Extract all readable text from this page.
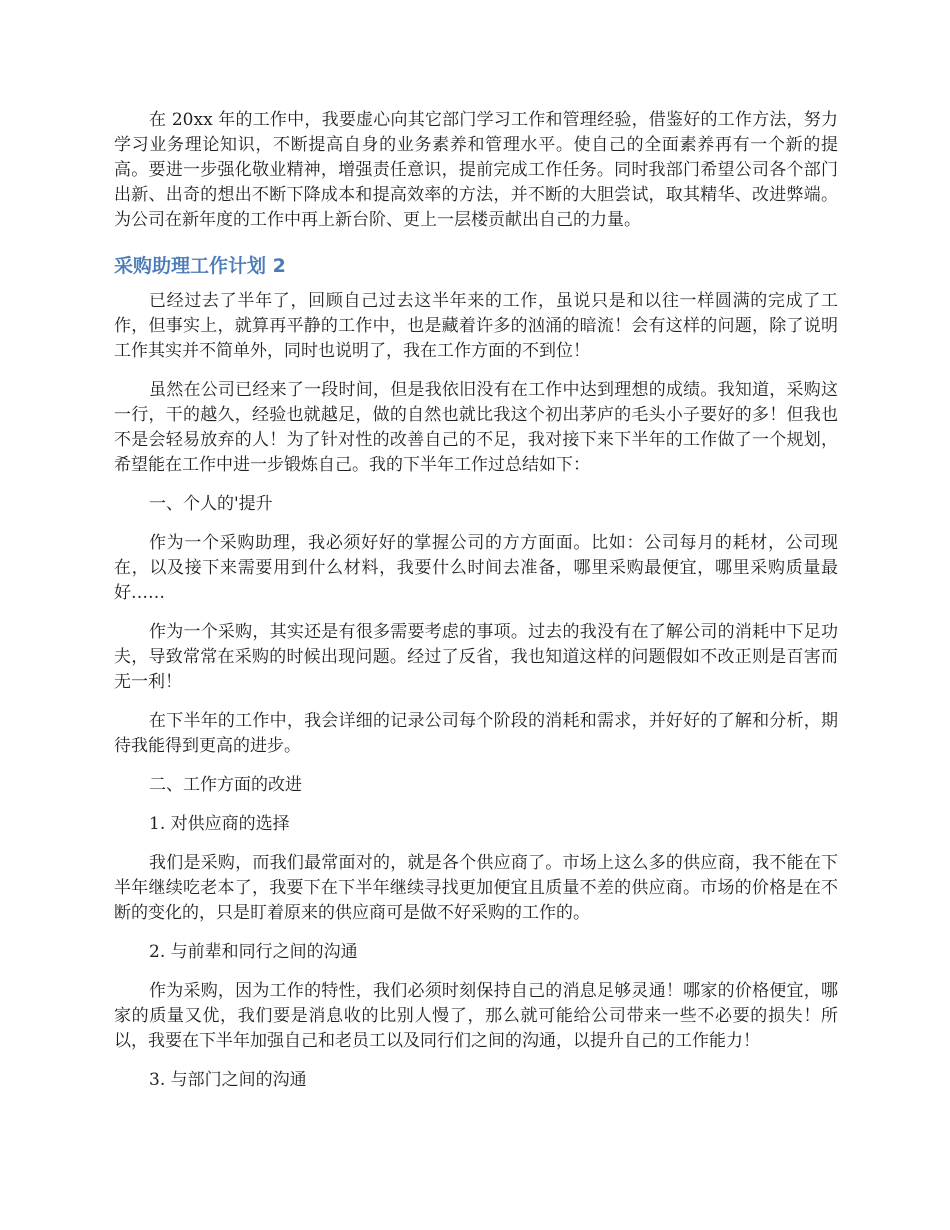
在 20xx 年的工作中，我要虚心向其它部门学习工作和管理经验，借鉴好的工作方法，努力学习业务理论知识，不断提高自身的业务素养和管理水平。使自己的全面素养再有一个新的提高。要进一步强化敬业精神，增强责任意识，提前完成工作任务。同时我部门希望公司各个部门出新、出奇的想出不断下降成本和提高效率的方法，并不断的大胆尝试，取其精华、改进弊端。为公司在新年度的工作中再上新台阶、更上一层楼贡献出自己的力量。

采购助理工作计划 2

已经过去了半年了，回顾自己过去这半年来的工作，虽说只是和以往一样圆满的完成了工作，但事实上，就算再平静的工作中，也是藏着许多的汹涌的暗流！会有这样的问题，除了说明工作其实并不简单外，同时也说明了，我在工作方面的不到位！

虽然在公司已经来了一段时间，但是我依旧没有在工作中达到理想的成绩。我知道，采购这一行，干的越久，经验也就越足，做的自然也就比我这个初出茅庐的毛头小子要好的多！但我也不是会轻易放弃的人！为了针对性的改善自己的不足，我对接下来下半年的工作做了一个规划，希望能在工作中进一步锻炼自己。我的下半年工作过总结如下：

一、个人的'提升

作为一个采购助理，我必须好好的掌握公司的方方面面。比如：公司每月的耗材，公司现在，以及接下来需要用到什么材料，我要什么时间去准备，哪里采购最便宜，哪里采购质量最好……

作为一个采购，其实还是有很多需要考虑的事项。过去的我没有在了解公司的消耗中下足功夫，导致常常在采购的时候出现问题。经过了反省，我也知道这样的问题假如不改正则是百害而无一利！

在下半年的工作中，我会详细的记录公司每个阶段的消耗和需求，并好好的了解和分析，期待我能得到更高的进步。

二、工作方面的改进

1. 对供应商的选择

我们是采购，而我们最常面对的，就是各个供应商了。市场上这么多的供应商，我不能在下半年继续吃老本了，我要下在下半年继续寻找更加便宜且质量不差的供应商。市场的价格是在不断的变化的，只是盯着原来的供应商可是做不好采购的工作的。

2. 与前辈和同行之间的沟通

作为采购，因为工作的特性，我们必须时刻保持自己的消息足够灵通！哪家的价格便宜，哪家的质量又优，我们要是消息收的比别人慢了，那么就可能给公司带来一些不必要的损失！所以，我要在下半年加强自己和老员工以及同行们之间的沟通，以提升自己的工作能力！

3. 与部门之间的沟通
